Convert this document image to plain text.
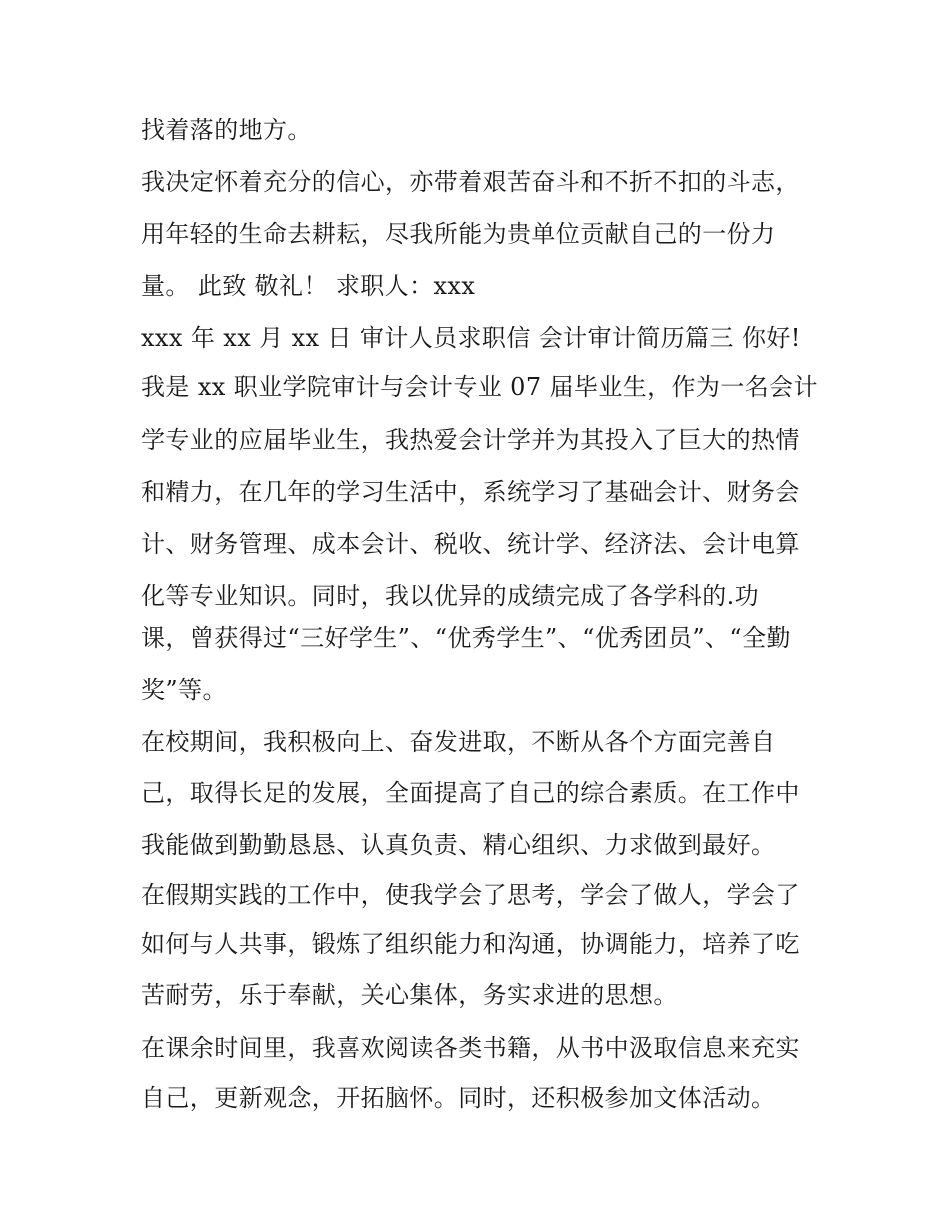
找着落的地方。
我决定怀着充分的信心，亦带着艰苦奋斗和不折不扣的斗志，
用年轻的生命去耕耘，尽我所能为贵单位贡献自己的一份力
量。 此致 敬礼！ 求职人：xxx
xxx 年 xx 月 xx 日 审计人员求职信 会计审计简历篇三 你好!
我是 xx 职业学院审计与会计专业 07 届毕业生，作为一名会计
学专业的应届毕业生，我热爱会计学并为其投入了巨大的热情
和精力，在几年的学习生活中，系统学习了基础会计、财务会
计、财务管理、成本会计、税收、统计学、经济法、会计电算
化等专业知识。同时，我以优异的成绩完成了各学科的.功
课，曾获得过“三好学生”、“优秀学生”、“优秀团员”、“全勤
奖”等。
在校期间，我积极向上、奋发进取，不断从各个方面完善自
己，取得长足的发展，全面提高了自己的综合素质。在工作中
我能做到勤勤恳恳、认真负责、精心组织、力求做到最好。
在假期实践的工作中，使我学会了思考，学会了做人，学会了
如何与人共事，锻炼了组织能力和沟通，协调能力，培养了吃
苦耐劳，乐于奉献，关心集体，务实求进的思想。
在课余时间里，我喜欢阅读各类书籍，从书中汲取信息来充实
自己，更新观念，开拓脑怀。同时，还积极参加文体活动。
